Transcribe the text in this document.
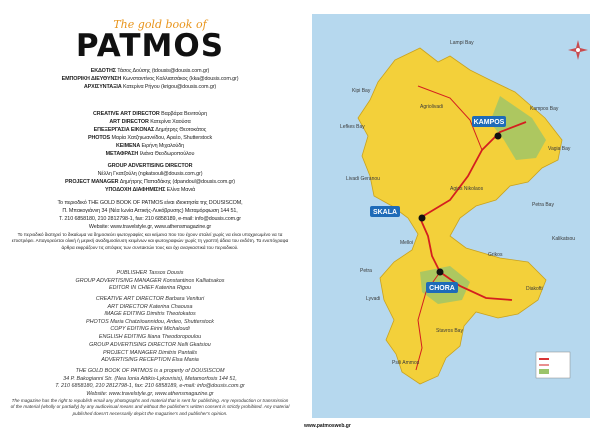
The gold book of
PATMOS
ΕΚΔΟΤΗΣ Τάσος Δούσης (tdousis@dousis.com.gr)
ΕΜΠΟΡΙΚΗ ΔΙΕΥΘΥΝΣΗ Κωνσταντίνος Καλλιατσάκος (kka@dousis.com.gr)
ΑΡΧΙΣΥΝΤΑΞΙΑ Κατερίνα Ρήγου (krigou@dousis.com.gr)
CREATIVE ART DIRECTOR Βαρβάρα Βενιτούρη
ART DIRECTOR Κατερίνα Χαούσα
ΕΠΕΞΕΡΓΑΣΙΑ ΕΙΚΟΝΑΣ Δημήτρης Θεοτοκάτος
PHOTOS Μαρία Χατζηιωαννίδου, Αρεέο, Shutterstock
ΚΕΙΜΕΝΑ Ειρήνη Μιχαλούδη
ΜΕΤΑΦΡΑΣΗ Ιλιάνα Θεοδωροπούλου
GROUP ADVERTISING DIRECTOR
Νέλλη Γκατζούλη (ngkatsouli@dousis.com.gr)
PROJECT MANAGER Δημήτρης Παπαδάκης (dpandoul@dousis.com.gr)
ΥΠΟΔΟΧΗ ΔΙΑΦΗΜΙΣΗΣ Ελίνα Μανιά
Το περιοδικό THE GOLD BOOK OF PATMOS είναι ιδιοκτησία της DOUSISCOM,
Π. Μπακογιάννη 34 (Νέα Ιωνία Αττικής-Λυκόβρυσης) Μεταμόρφωση 144 51,
Τ. 210 6858180, 210 2812798-1, fax: 210 6858189, e-mail: info@dousis.com.gr
Website: www.travelstyle.gr, www.athensmagazine.gr
Το περιοδικό διατηρεί το δικαίωμα να δημοσιεύει φωτογραφίες και κείμενα που του έχουν σταλεί χωρίς να είναι υποχρεωμένο να τα επιστρέφει. Απαγορεύεται ολική ή μερική αναδημοσίευση κειμένων και φωτογραφιών χωρίς τη γραπτή άδεια του εκδότη. Τα ενυπόγραφα άρθρα εκφράζουν τις απόψεις των συντακτών τους και όχι αναγκαστικά του περιοδικού.
PUBLISHER Tassos Dousis
GROUP ADVERTISING MANAGER Konstantinos Kalliatsakos
EDITOR IN CHIEF Katerina Rigou
CREATIVE ART DIRECTOR Barbara Venituri
ART DIRECTOR Katerina Chaousa
IMAGE EDITING Dimitris Theotokatos
PHOTOS Maria Chatziioannidou, Ardeo, Shutterstock
COPY EDITING Eirini Michaloudi
ENGLISH EDITING Iliana Theodoropoulou
GROUP ADVERTISING DIRECTOR Nelli Gkatsiou
PROJECT MANAGER Dimitris Pantalis
ADVERTISING RECEPTION Elsa Mania
THE GOLD BOOK OF PATMOS is a property of DOUSISCOM
34 P. Bakogianni Str. (Nea Ionia Attikis-Lykovrisis), Metamorfosis 144 51,
T. 210 6858180, 210 2812798-1, fax: 210 6858189, e-mail: info@dousis.com.gr
Website: www.travelstyle.gr, www.athensmagazine.gr
The magazine has the right to republish email any photographs and material that is sent for publishing. Any reproduction or transmission of the material (wholly or partially) by any audiovisual means and without the publisher's written consent is strictly prohibited. Any material published doesn't necessarily depict the magazine's and publisher's opinion.
KAMPOS
SKALA
CHORA
Kipi Bay
Lampi Bay
Lefkes Bay
Agriolivadi	Kampos Bay
Vagia Bay
Livadi Geranou
Agios Nikolaos
Melloi
Petra Bay
Grikos
Diakofti
Psili Ammos
Stavros Bay
Lyvadi
Kalikatsou
Petra
www.patmosweb.gr
